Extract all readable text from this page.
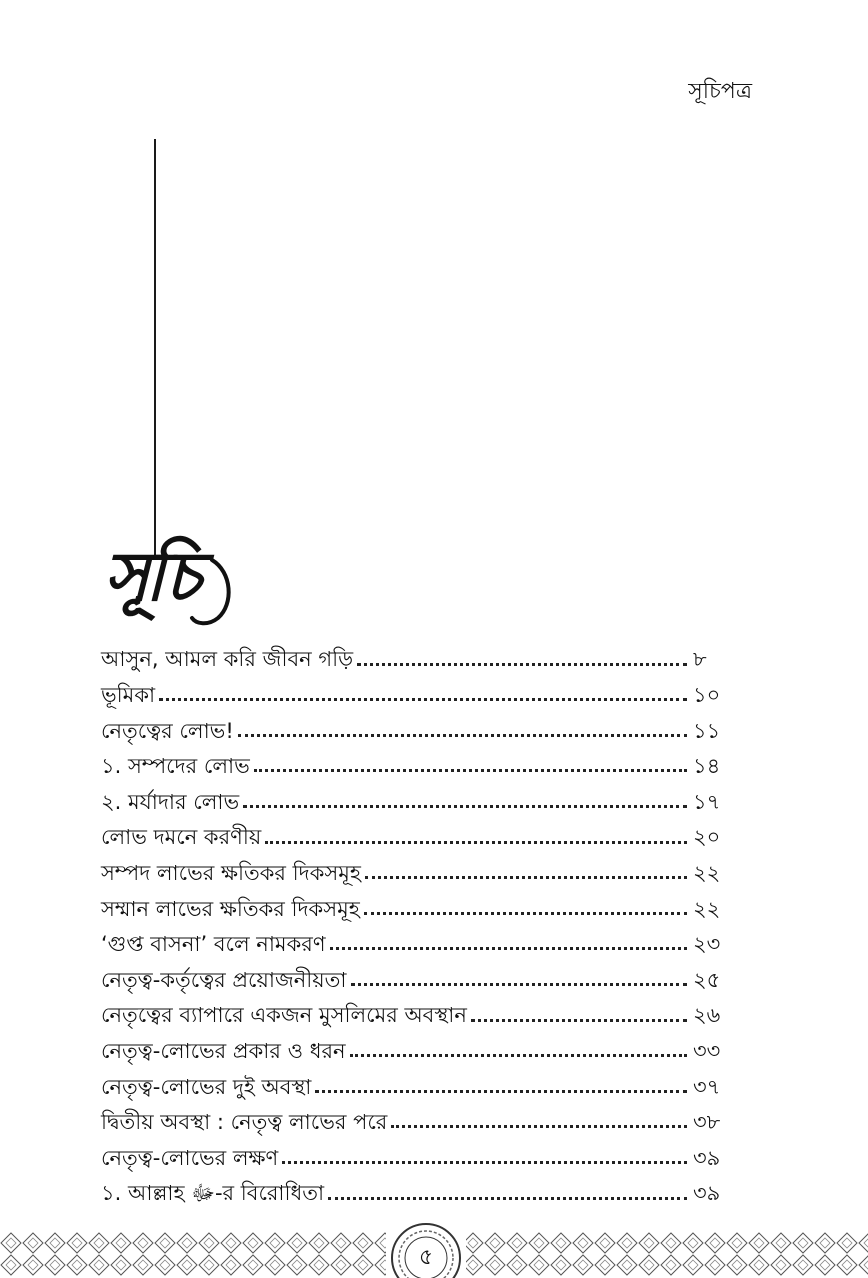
সূচিপত্র
সূচি
আসুন, আমল করি জীবন গড়ি	৮
ভূমিকা	১০
নেতৃত্বের লোভ!	১১
১. সম্পদের লোভ	১৪
২. মর্যাদার লোভ	১৭
লোভ দমনে করণীয়	২০
সম্পদ লাভের ক্ষতিকর দিকসমূহ	২২
সম্মান লাভের ক্ষতিকর দিকসমূহ	২২
‘গুপ্ত বাসনা’ বলে নামকরণ	২৩
নেতৃত্ব-কর্তৃত্বের প্রয়োজনীয়তা	২৫
নেতৃত্বের ব্যাপারে একজন মুসলিমের অবস্থান	২৬
নেতৃত্ব-লোভের প্রকার ও ধরন	৩৩
নেতৃত্ব-লোভের দুই অবস্থা	৩৭
দ্বিতীয় অবস্থা : নেতৃত্ব লাভের পরে	৩৮
নেতৃত্ব-লোভের লক্ষণ	৩৯
১. আল্লাহ ﷻ-র বিরোধিতা	৩৯
৫
